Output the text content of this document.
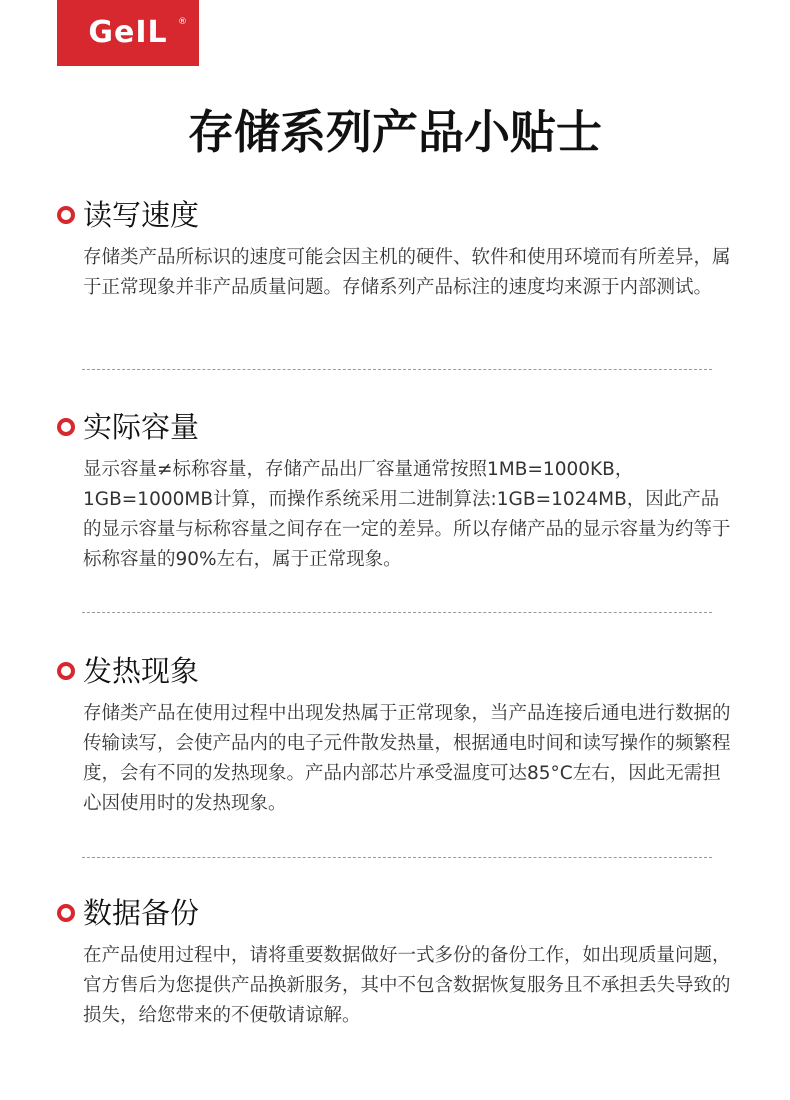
GeIL ®
存储系列产品小贴士
读写速度

存储类产品所标识的速度可能会因主机的硬件、软件和使用环境而有所差异，属于正常现象并非产品质量问题。存储系列产品标注的速度均来源于内部测试。

实际容量

显示容量≠标称容量，存储产品出厂容量通常按照1MB=1000KB，1GB=1000MB计算，而操作系统采用二进制算法:1GB=1024MB，因此产品的显示容量与标称容量之间存在一定的差异。所以存储产品的显示容量为约等于标称容量的90%左右，属于正常现象。

发热现象

存储类产品在使用过程中出现发热属于正常现象，当产品连接后通电进行数据的传输读写，会使产品内的电子元件散发热量，根据通电时间和读写操作的频繁程度，会有不同的发热现象。产品内部芯片承受温度可达85°C左右，因此无需担心因使用时的发热现象。

数据备份

在产品使用过程中，请将重要数据做好一式多份的备份工作，如出现质量问题，官方售后为您提供产品换新服务，其中不包含数据恢复服务且不承担丢失导致的损失，给您带来的不便敬请谅解。
